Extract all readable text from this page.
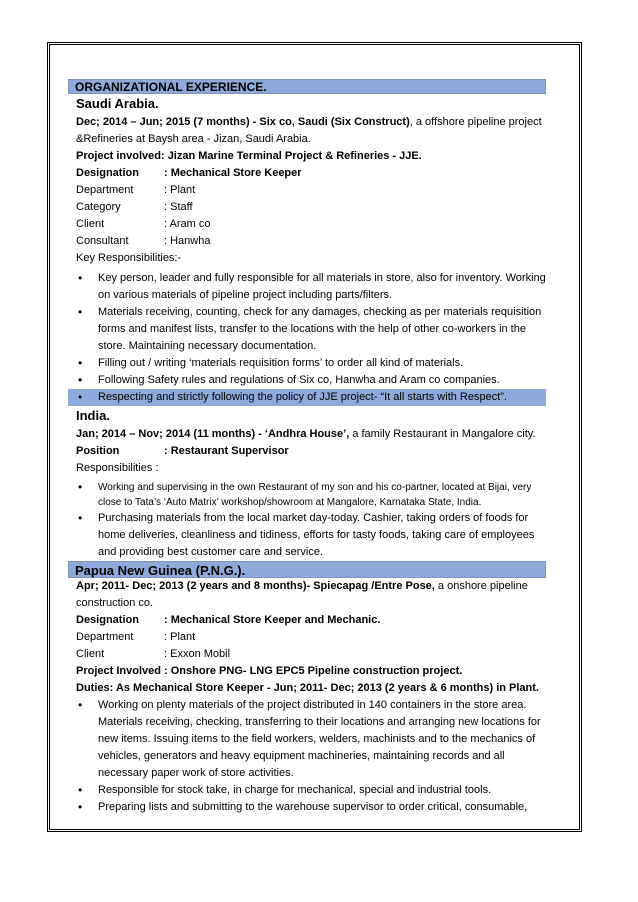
ORGANIZATIONAL EXPERIENCE.
Saudi Arabia.
Dec; 2014 – Jun; 2015 (7 months) - Six co, Saudi (Six Construct), a offshore pipeline project
&Refineries at Baysh area - Jizan, Saudi Arabia.
Project involved: Jizan Marine Terminal Project & Refineries - JJE.
Designation	: Mechanical Store Keeper
Department	: Plant
Category	: Staff
Client	: Aram co
Consultant	: Hanwha
Key Responsibilities:-
• Key person, leader and fully responsible for all materials in store, also for inventory. Working on various materials of pipeline project including parts/filters.
• Materials receiving, counting, check for any damages, checking as per materials requisition forms and manifest lists, transfer to the locations with the help of other co-workers in the store. Maintaining necessary documentation.
• Filling out / writing ‘materials requisition forms’ to order all kind of materials.
• Following Safety rules and regulations of Six co, Hanwha and Aram co companies.
• Respecting and strictly following the policy of JJE project- “It all starts with Respect”.
India.
Jan; 2014 – Nov; 2014 (11 months) - ‘Andhra House’, a family Restaurant in Mangalore city.
Position	: Restaurant Supervisor
Responsibilities :
• Working and supervising in the own Restaurant of my son and his co-partner, located at Bijai, very close to Tata’s ‘Auto Matrix’ workshop/showroom at Mangalore, Karnataka State, India.
• Purchasing materials from the local market day-today. Cashier, taking orders of foods for home deliveries, cleanliness and tidiness, efforts for tasty foods, taking care of employees and providing best customer care and service.
Papua New Guinea (P.N.G.).
Apr; 2011- Dec; 2013 (2 years and 8 months)- Spiecapag /Entre Pose, a onshore pipeline
construction co.
Designation	: Mechanical Store Keeper and Mechanic.
Department	: Plant
Client	: Exxon Mobil
Project Involved : Onshore PNG- LNG EPC5 Pipeline construction project.
Duties: As Mechanical Store Keeper - Jun; 2011- Dec; 2013 (2 years & 6 months) in Plant.
• Working on plenty materials of the project distributed in 140 containers in the store area. Materials receiving, checking, transferring to their locations and arranging new locations for new items. Issuing items to the field workers, welders, machinists and to the mechanics of vehicles, generators and heavy equipment machineries, maintaining records and all necessary paper work of store activities.
• Responsible for stock take, in charge for mechanical, special and industrial tools.
• Preparing lists and submitting to the warehouse supervisor to order critical, consumable,
